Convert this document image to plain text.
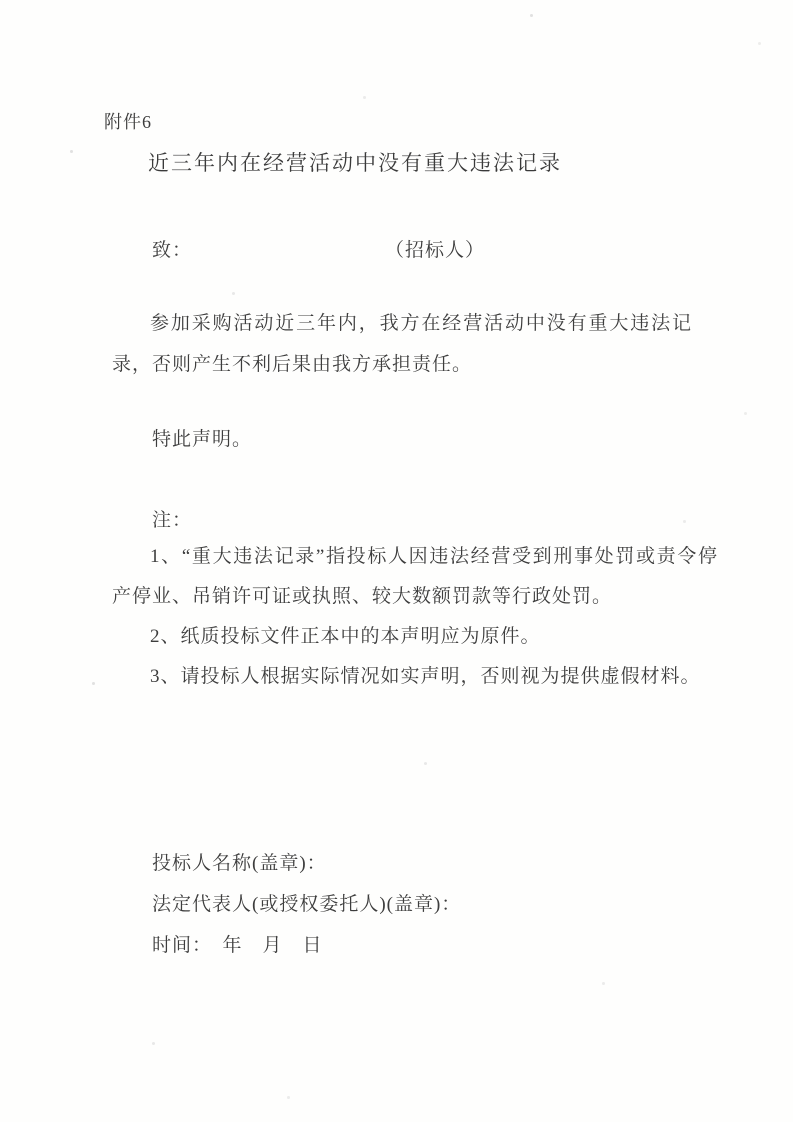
附件6
近三年内在经营活动中没有重大违法记录
致：	（招标人）

参加采购活动近三年内，我方在经营活动中没有重大违法记录，否则产生不利后果由我方承担责任。

特此声明。

注：

1、“重大违法记录”指投标人因违法经营受到刑事处罚或责令停产停业、吊销许可证或执照、较大数额罚款等行政处罚。

2、纸质投标文件正本中的本声明应为原件。

3、请投标人根据实际情况如实声明，否则视为提供虚假材料。

投标人名称(盖章)：

法定代表人(或授权委托人)(盖章)：

时间：　年　月　日
